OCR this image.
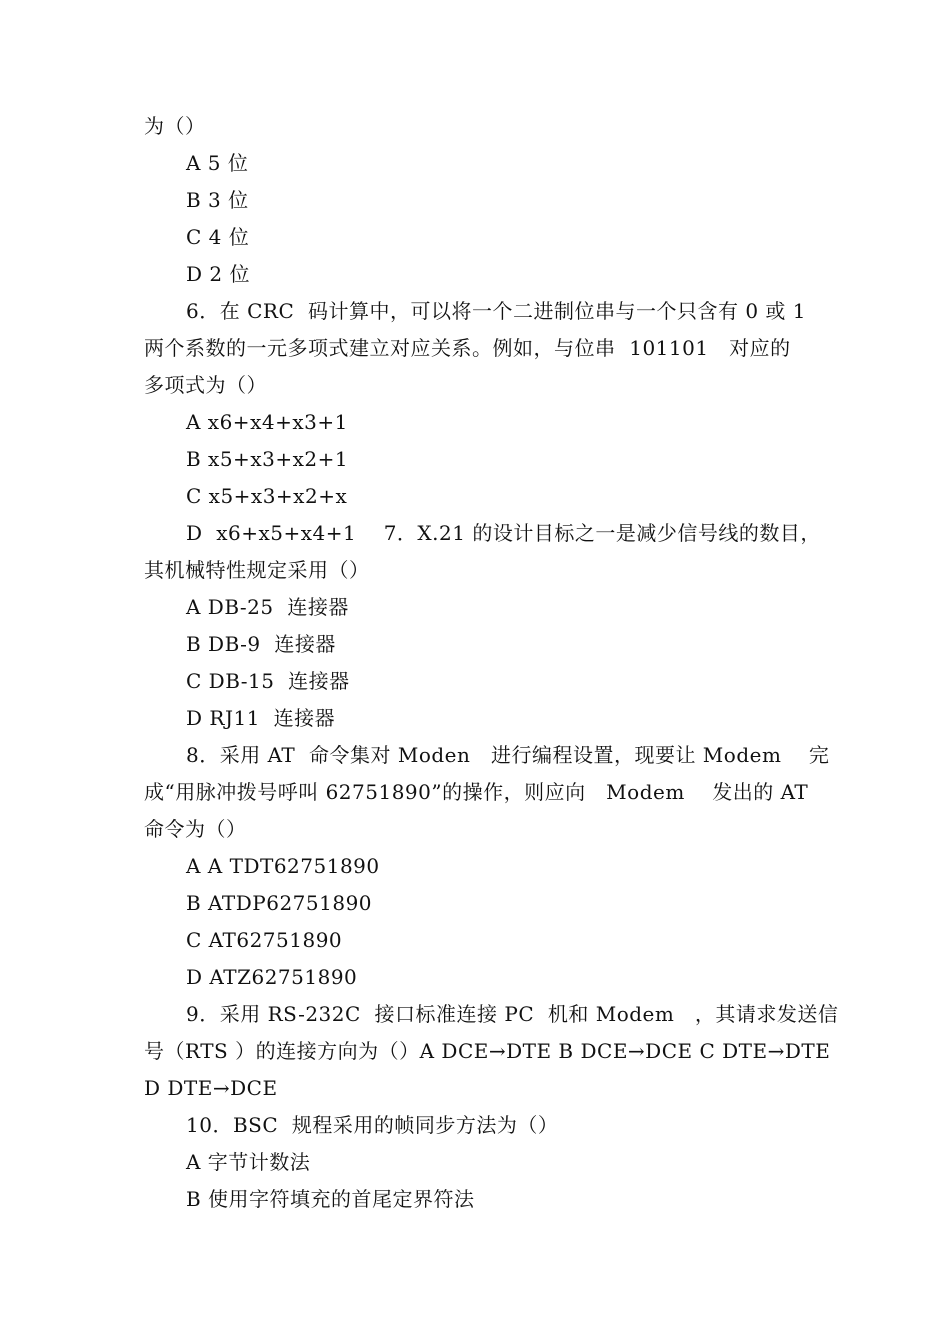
为（）
A 5 位
B 3 位
C 4 位
D 2 位
6．在 CRC  码计算中，可以将一个二进制位串与一个只含有 0 或 1
两个系数的一元多项式建立对应关系。例如，与位串  101101   对应的
多项式为（）
A x6+x4+x3+1
B x5+x3+x2+1
C x5+x3+x2+x
D  x6+x5+x4+1    7．X.21 的设计目标之一是减少信号线的数目，
其机械特性规定采用（）
A DB-25  连接器
B DB-9  连接器
C DB-15  连接器
D RJ11  连接器
8．采用 AT  命令集对 Moden   进行编程设置，现要让 Modem    完
成“用脉冲拨号呼叫 62751890”的操作，则应向   Modem    发出的 AT
命令为（）
A A TDT62751890
B ATDP62751890
C AT62751890
D ATZ62751890
9．采用 RS-232C  接口标准连接 PC  机和 Modem   ，其请求发送信
号（RTS ）的连接方向为（）A DCE→DTE B DCE→DCE C DTE→DTE
D DTE→DCE
10．BSC  规程采用的帧同步方法为（）
A 字节计数法
B 使用字符填充的首尾定界符法
